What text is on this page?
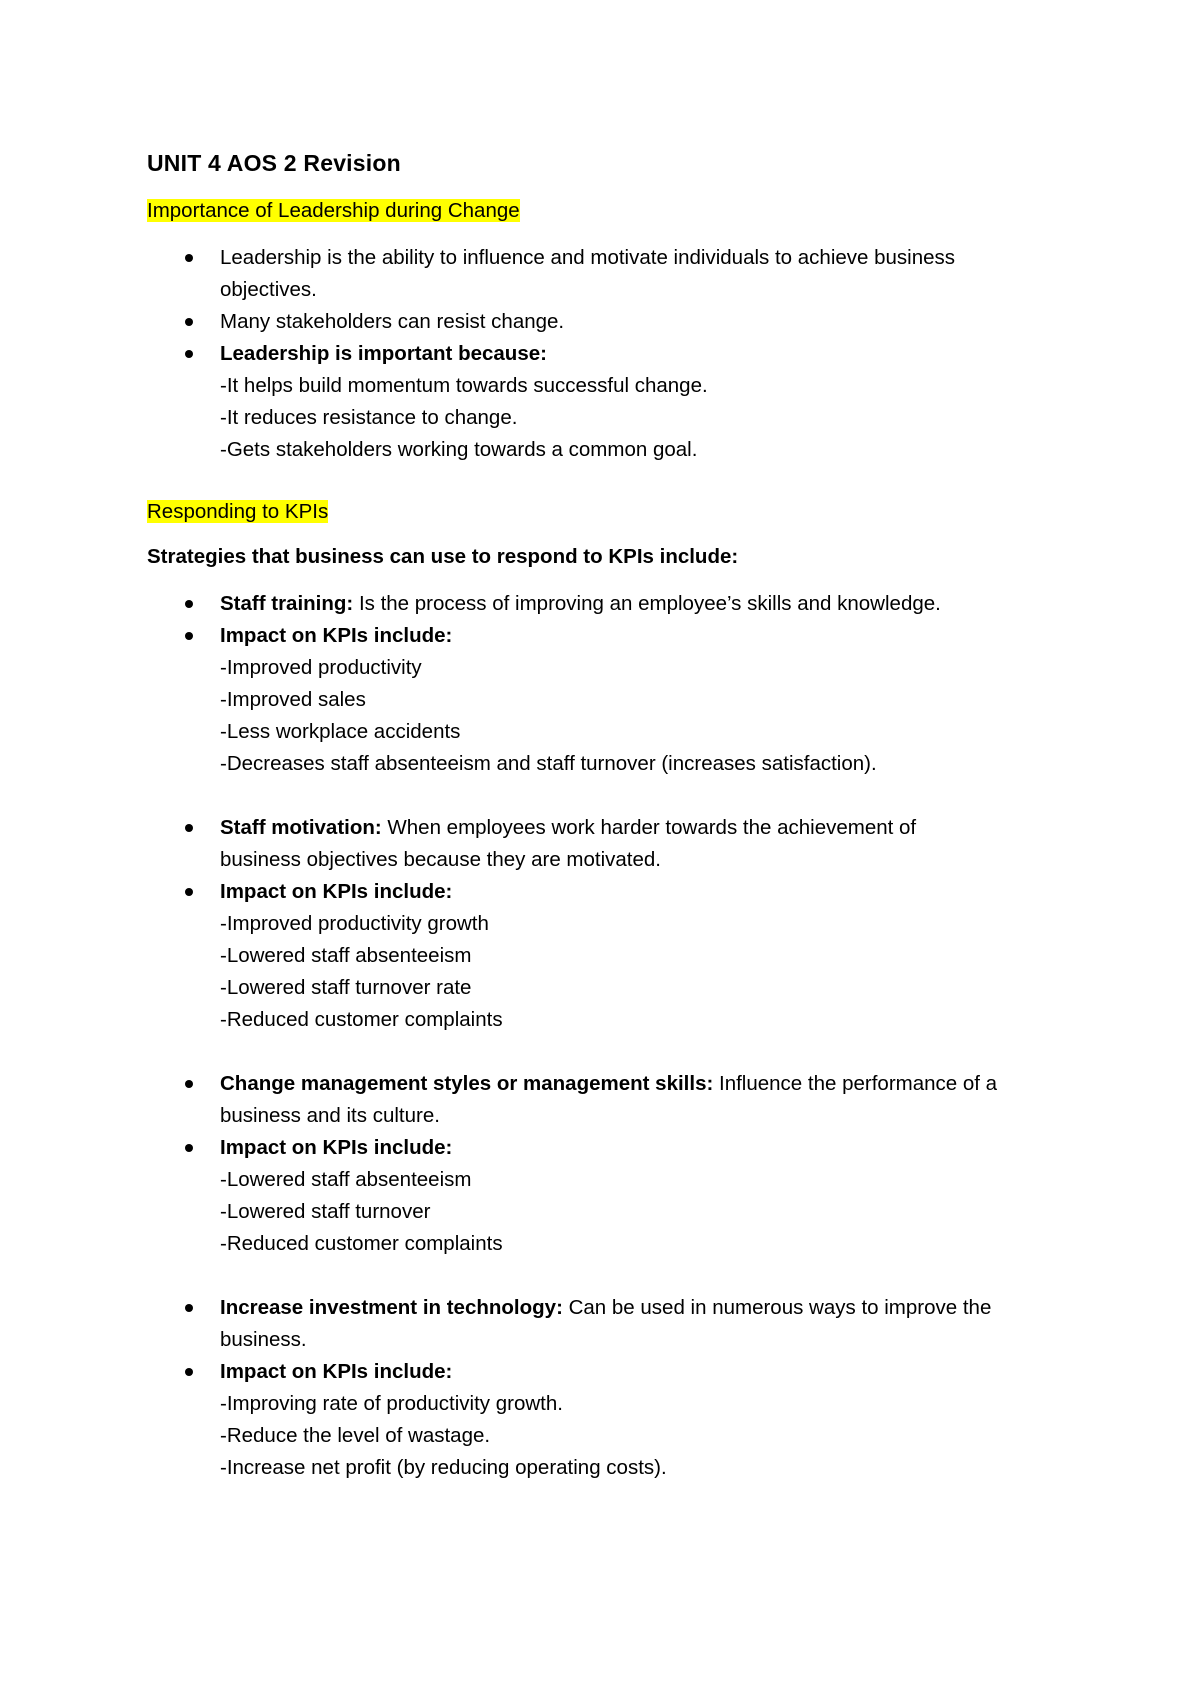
UNIT 4 AOS 2 Revision
Importance of Leadership during Change
Leadership is the ability to influence and motivate individuals to achieve business
objectives.
Many stakeholders can resist change.
Leadership is important because:
-It helps build momentum towards successful change.
-It reduces resistance to change.
-Gets stakeholders working towards a common goal.
Responding to KPIs
Strategies that business can use to respond to KPIs include:
Staff training: Is the process of improving an employee’s skills and knowledge.
Impact on KPIs include:
-Improved productivity
-Improved sales
-Less workplace accidents
-Decreases staff absenteeism and staff turnover (increases satisfaction).
Staff motivation: When employees work harder towards the achievement of
business objectives because they are motivated.
Impact on KPIs include:
-Improved productivity growth
-Lowered staff absenteeism
-Lowered staff turnover rate
-Reduced customer complaints
Change management styles or management skills: Influence the performance of a
business and its culture.
Impact on KPIs include:
-Lowered staff absenteeism
-Lowered staff turnover
-Reduced customer complaints
Increase investment in technology: Can be used in numerous ways to improve the
business.
Impact on KPIs include:
-Improving rate of productivity growth.
-Reduce the level of wastage.
-Increase net profit (by reducing operating costs).
